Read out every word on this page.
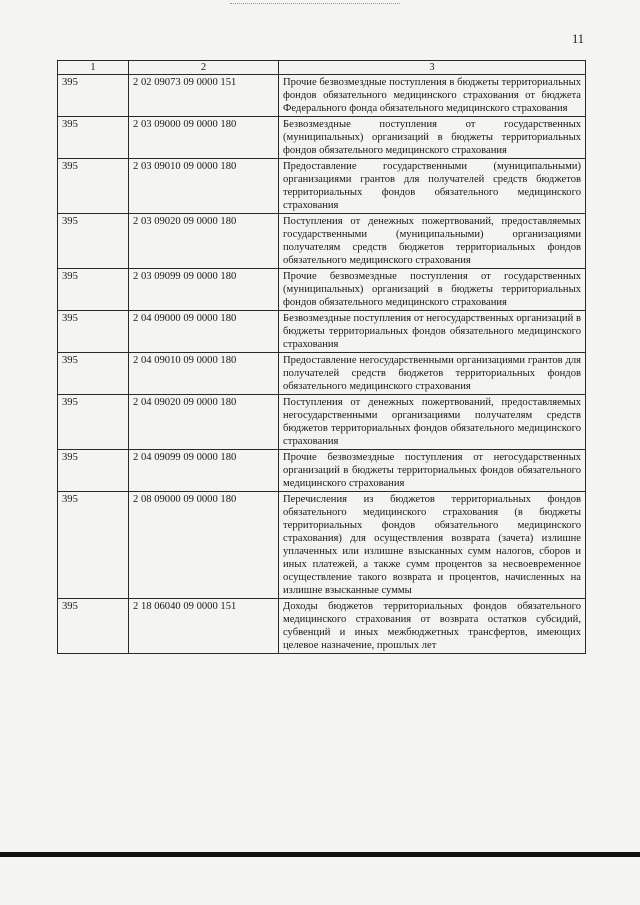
11
1	2	3
395	2 02 09073 09 0000 151	Прочие безвозмездные поступления в бюджеты территориальных фондов обязательного медицинского страхования от бюджета Федерального фонда обязательного медицинского страхования
395	2 03 09000 09 0000 180	Безвозмездные поступления от государственных (муниципальных) организаций в бюджеты территориальных фондов обязательного медицинского страхования
395	2 03 09010 09 0000 180	Предоставление государственными (муниципальными) организациями грантов для получателей средств бюджетов территориальных фондов обязательного медицинского страхования
395	2 03 09020 09 0000 180	Поступления от денежных пожертвований, предоставляемых государственными (муниципальными) организациями получателям средств бюджетов территориальных фондов обязательного медицинского страхования
395	2 03 09099 09 0000 180	Прочие безвозмездные поступления от государственных (муниципальных) организаций в бюджеты территориальных фондов обязательного медицинского страхования
395	2 04 09000 09 0000 180	Безвозмездные поступления от негосударственных организаций в бюджеты территориальных фондов обязательного медицинского страхования
395	2 04 09010 09 0000 180	Предоставление негосударственными организациями грантов для получателей средств бюджетов территориальных фондов обязательного медицинского страхования
395	2 04 09020 09 0000 180	Поступления от денежных пожертвований, предоставляемых негосударственными организациями получателям средств бюджетов территориальных фондов обязательного медицинского страхования
395	2 04 09099 09 0000 180	Прочие безвозмездные поступления от негосударственных организаций в бюджеты территориальных фондов обязательного медицинского страхования
395	2 08 09000 09 0000 180	Перечисления из бюджетов территориальных фондов обязательного медицинского страхования (в бюджеты территориальных фондов обязательного медицинского страхования) для осуществления возврата (зачета) излишне уплаченных или излишне взысканных сумм налогов, сборов и иных платежей, а также сумм процентов за несвоевременное осуществление такого возврата и процентов, начисленных на излишне взысканные суммы
395	2 18 06040 09 0000 151	Доходы бюджетов территориальных фондов обязательного медицинского страхования от возврата остатков субсидий, субвенций и иных межбюджетных трансфертов, имеющих целевое назначение, прошлых лет
